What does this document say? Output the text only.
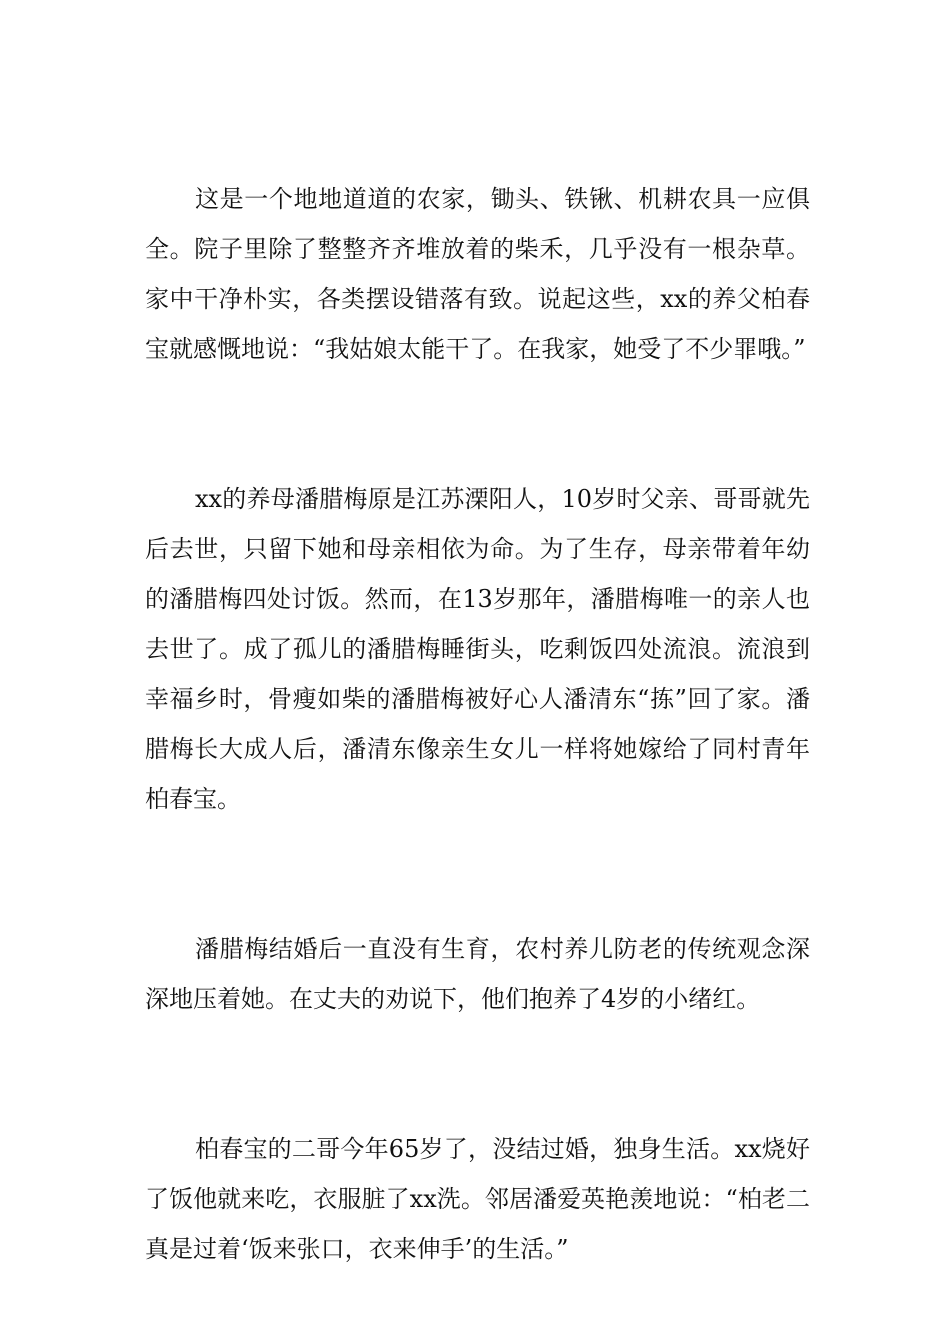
这是一个地地道道的农家，锄头、铁锹、机耕农具一应俱全。院子里除了整整齐齐堆放着的柴禾，几乎没有一根杂草。家中干净朴实，各类摆设错落有致。说起这些，xx的养父柏春宝就感慨地说：“我姑娘太能干了。在我家，她受了不少罪哦。”

xx的养母潘腊梅原是江苏溧阳人，10岁时父亲、哥哥就先后去世，只留下她和母亲相依为命。为了生存，母亲带着年幼的潘腊梅四处讨饭。然而，在13岁那年，潘腊梅唯一的亲人也去世了。成了孤儿的潘腊梅睡街头，吃剩饭四处流浪。流浪到幸福乡时，骨瘦如柴的潘腊梅被好心人潘清东“拣”回了家。潘腊梅长大成人后，潘清东像亲生女儿一样将她嫁给了同村青年柏春宝。

潘腊梅结婚后一直没有生育，农村养儿防老的传统观念深深地压着她。在丈夫的劝说下，他们抱养了4岁的小绪红。

柏春宝的二哥今年65岁了，没结过婚，独身生活。xx烧好了饭他就来吃，衣服脏了xx洗。邻居潘爱英艳羡地说：“柏老二真是过着‘饭来张口，衣来伸手’的生活。”
